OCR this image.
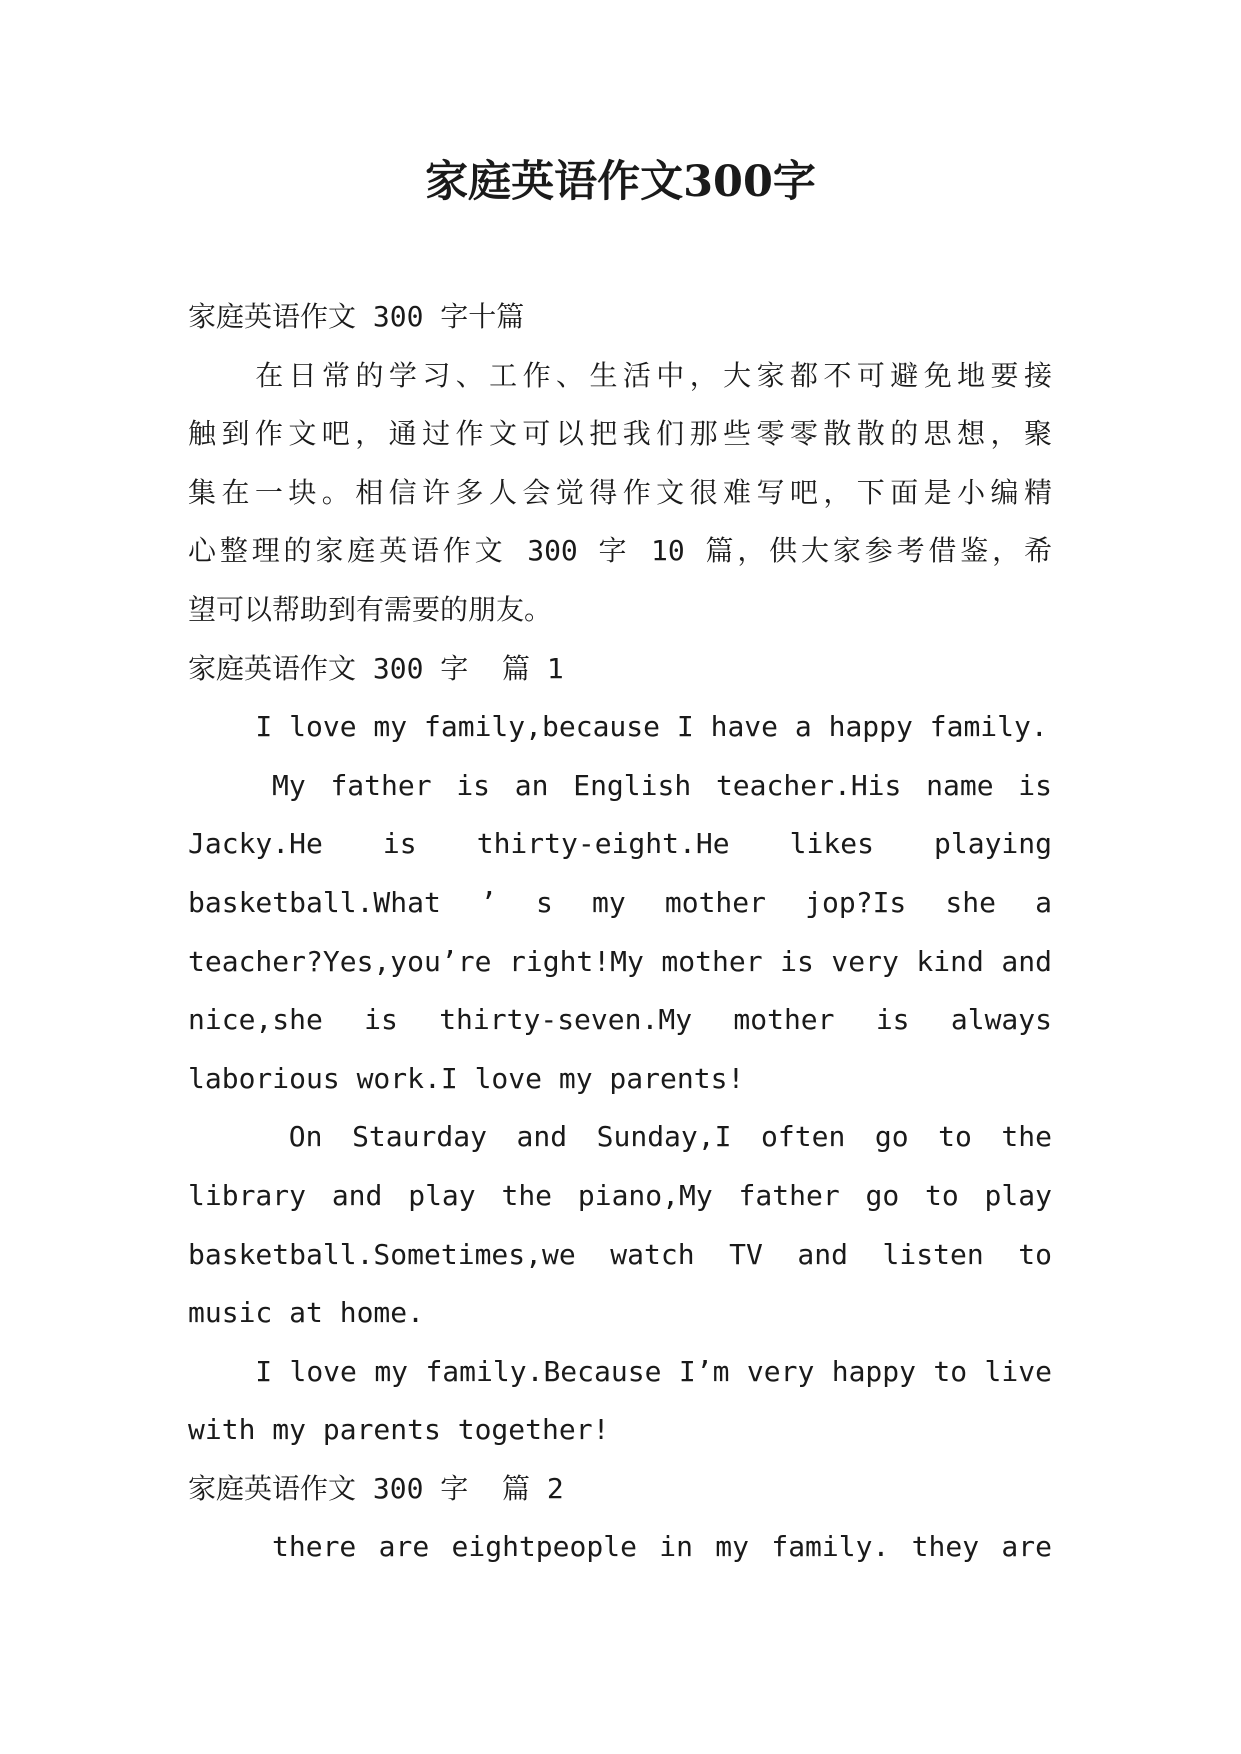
家庭英语作文300字
家庭英语作文 300 字十篇
在日常的学习、工作、生活中，大家都不可避免地要接
触到作文吧，通过作文可以把我们那些零零散散的思想，聚
集在一块。相信许多人会觉得作文很难写吧，下面是小编精
心整理的家庭英语作文 300 字 10 篇，供大家参考借鉴，希
望可以帮助到有需要的朋友。
家庭英语作文 300 字  篇 1
I love my family,because I have a happy family.
My father is an English teacher.His name is
Jacky.He is thirty-eight.He likes playing
basketball.What ’ s my mother jop?Is she a
teacher?Yes,you’re right!My mother is very kind and
nice,she is thirty-seven.My mother is always
laborious work.I love my parents!
On Staurday and Sunday,I often go to the
library and play the piano,My father go to play
basketball.Sometimes,we watch TV and listen to
music at home.
I love my family.Because I’m very happy to live
with my parents together!
家庭英语作文 300 字  篇 2
there are eightpeople in my family. they are
